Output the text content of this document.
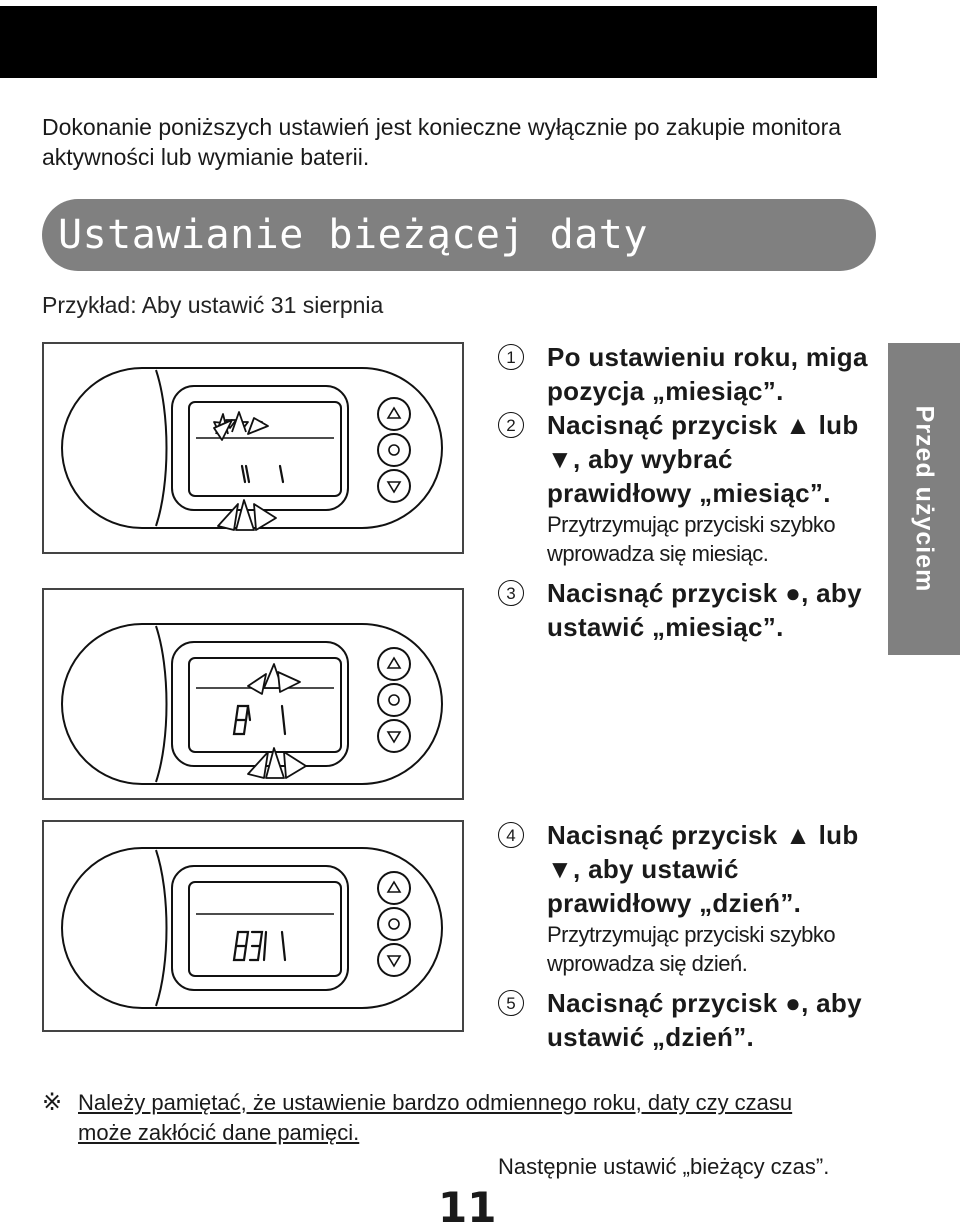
Dokonanie poniższych ustawień jest konieczne wyłącznie po zakupie monitora aktywności lub wymianie baterii.

Ustawianie bieżącej daty
Przykład: Aby ustawić 31 sierpnia
1	Po ustawieniu roku, miga pozycja „miesiąc”.
2	Nacisnąć przycisk ▲ lub ▼, aby wybrać prawidłowy „miesiąc”.
Przytrzymując przyciski szybko wprowadza się miesiąc.
3	Nacisnąć przycisk ●, aby ustawić „miesiąc”.
4	Nacisnąć przycisk ▲ lub ▼, aby ustawić prawidłowy „dzień”.
Przytrzymując przyciski szybko wprowadza się dzień.
5	Nacisnąć przycisk ●, aby ustawić „dzień”.
Przed użyciem
※ Należy pamiętać, że ustawienie bardzo odmiennego roku, daty czy czasu może zakłócić dane pamięci.
Następnie ustawić „bieżący czas”.
11
